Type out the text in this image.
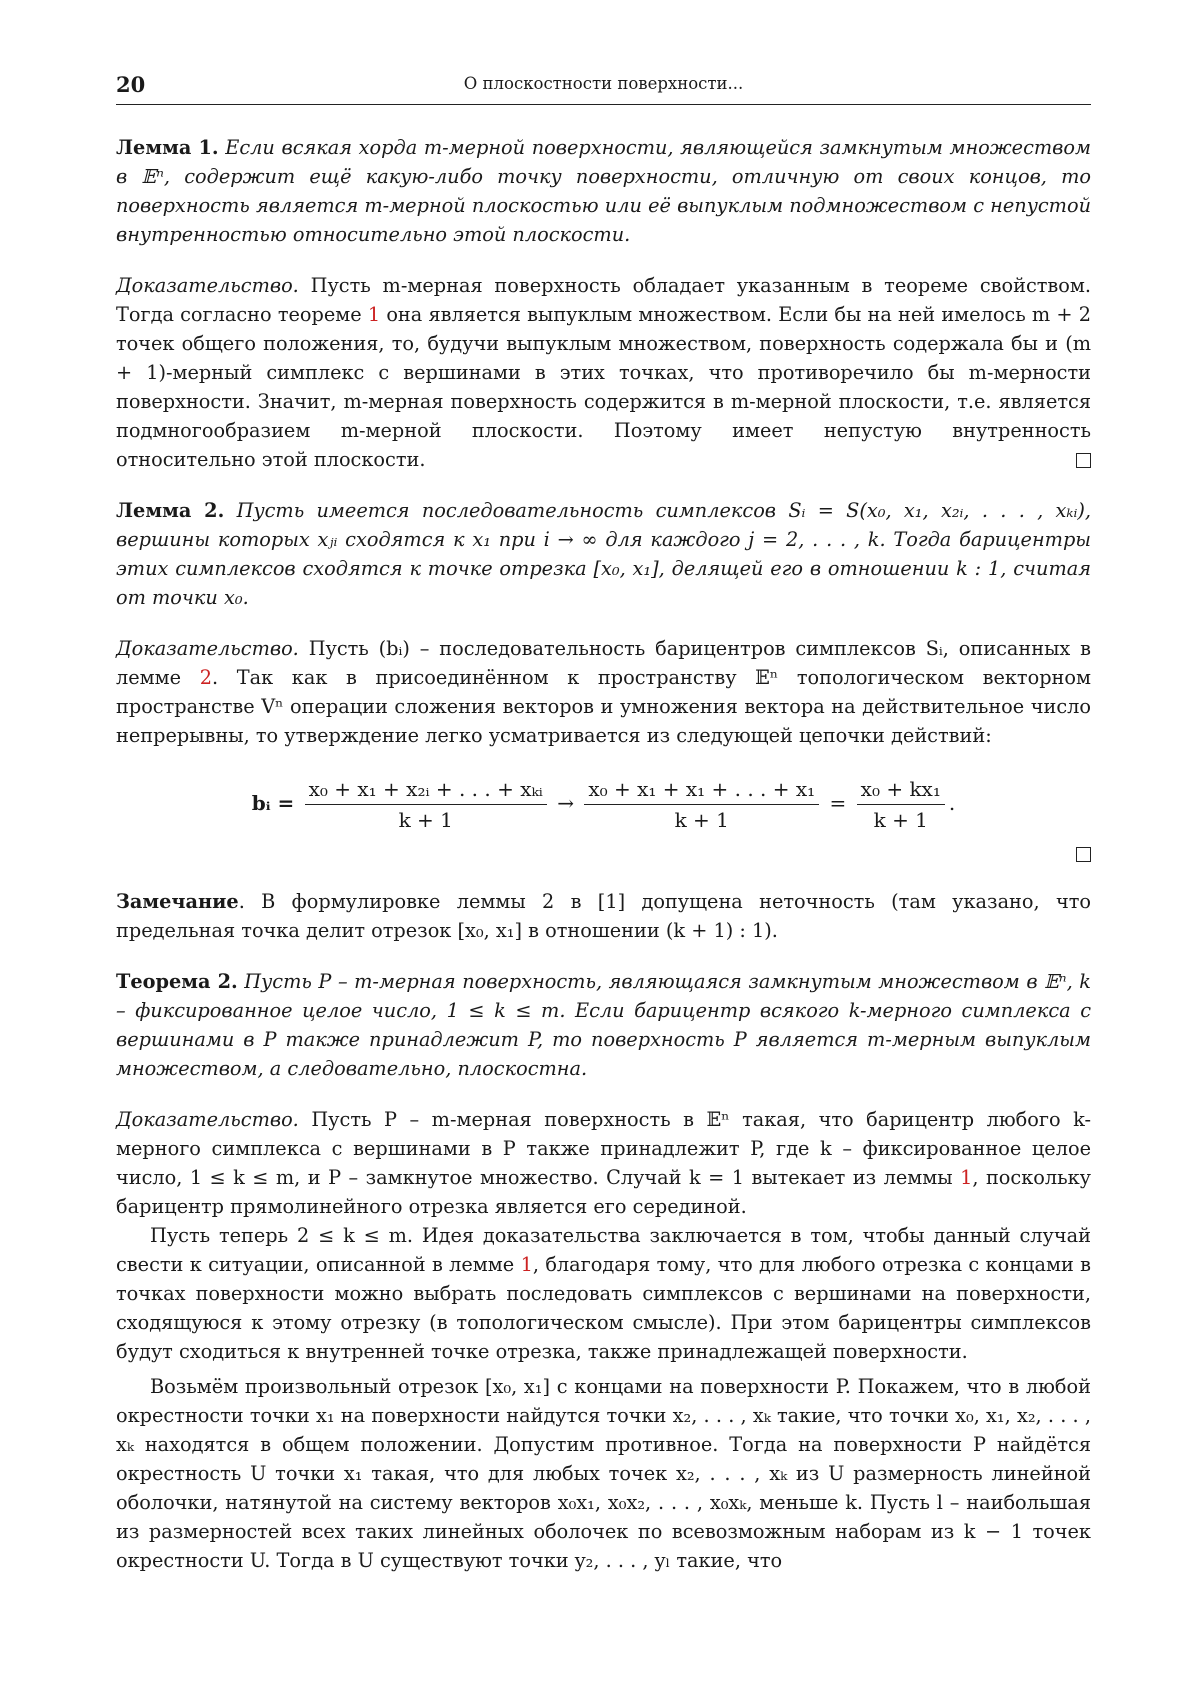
20	О плоскостности поверхности...

Лемма 1. Если всякая хорда m-мерной поверхности, являющейся замкнутым множеством в 𝔼ⁿ, содержит ещё какую-либо точку поверхности, отличную от своих концов, то поверхность является m-мерной плоскостью или её выпуклым подмножеством с непустой внутренностью относительно этой плоскости.

Доказательство. Пусть m-мерная поверхность обладает указанным в теореме свойством. Тогда согласно теореме 1 она является выпуклым множеством. Если бы на ней имелось m + 2 точек общего положения, то, будучи выпуклым множеством, поверхность содержала бы и (m + 1)-мерный симплекс с вершинами в этих точках, что противоречило бы m-мерности поверхности. Значит, m-мерная поверхность содержится в m-мерной плоскости, т.е. является подмногообразием m-мерной плоскости. Поэтому имеет непустую внутренность относительно этой плоскости.

Лемма 2. Пусть имеется последовательность симплексов Sᵢ = S(x₀, x₁, x₂ᵢ, . . . , xₖᵢ), вершины которых xⱼᵢ сходятся к x₁ при i → ∞ для каждого j = 2, . . . , k. Тогда барицентры этих симплексов сходятся к точке отрезка [x₀, x₁], делящей его в отношении k : 1, считая от точки x₀.

Доказательство. Пусть (bᵢ) – последовательность барицентров симплексов Sᵢ, описанных в лемме 2. Так как в присоединённом к пространству 𝔼ⁿ топологическом векторном пространстве Vⁿ операции сложения векторов и умножения вектора на действительное число непрерывны, то утверждение легко усматривается из следующей цепочки действий:

bᵢ = $\frac{\text{x₀ + x₁ + x₂ᵢ + . . . + xₖᵢ}}{k + 1} \to \frac{\text{x₀ + x₁ + x₁ + . . . + x₁}}{k + 1} = \frac{\text{x₀ + kx₁}}{k + 1}$ .

Замечание. В формулировке леммы 2 в [1] допущена неточность (там указано, что предельная точка делит отрезок [x₀, x₁] в отношении (k + 1) : 1).

Теорема 2. Пусть P – m-мерная поверхность, являющаяся замкнутым множеством в 𝔼ⁿ, k – фиксированное целое число, 1 ≤ k ≤ m. Если барицентр всякого k-мерного симплекса с вершинами в P также принадлежит P, то поверхность P является m-мерным выпуклым множеством, а следовательно, плоскостна.

Доказательство. Пусть P – m-мерная поверхность в 𝔼ⁿ такая, что барицентр любого k-мерного симплекса с вершинами в P также принадлежит P, где k – фиксированное целое число, 1 ≤ k ≤ m, и P – замкнутое множество. Случай k = 1 вытекает из леммы 1, поскольку барицентр прямолинейного отрезка является его серединой.

Пусть теперь 2 ≤ k ≤ m. Идея доказательства заключается в том, чтобы данный случай свести к ситуации, описанной в лемме 1, благодаря тому, что для любого отрезка с концами в точках поверхности можно выбрать последовать симплексов с вершинами на поверхности, сходящуюся к этому отрезку (в топологическом смысле). При этом барицентры симплексов будут сходиться к внутренней точке отрезка, также принадлежащей поверхности.

Возьмём произвольный отрезок [x₀, x₁] с концами на поверхности P. Покажем, что в любой окрестности точки x₁ на поверхности найдутся точки x₂, . . . , xₖ такие, что точки x₀, x₁, x₂, . . . , xₖ находятся в общем положении. Допустим противное. Тогда на поверхности P найдётся окрестность U точки x₁ такая, что для любых точек x₂, . . . , xₖ из U размерность линейной оболочки, натянутой на систему векторов x₀x₁, x₀x₂, . . . , x₀xₖ, меньше k. Пусть l – наибольшая из размерностей всех таких линейных оболочек по всевозможным наборам из k − 1 точек окрестности U. Тогда в U существуют точки y₂, . . . , yₗ такие, что
